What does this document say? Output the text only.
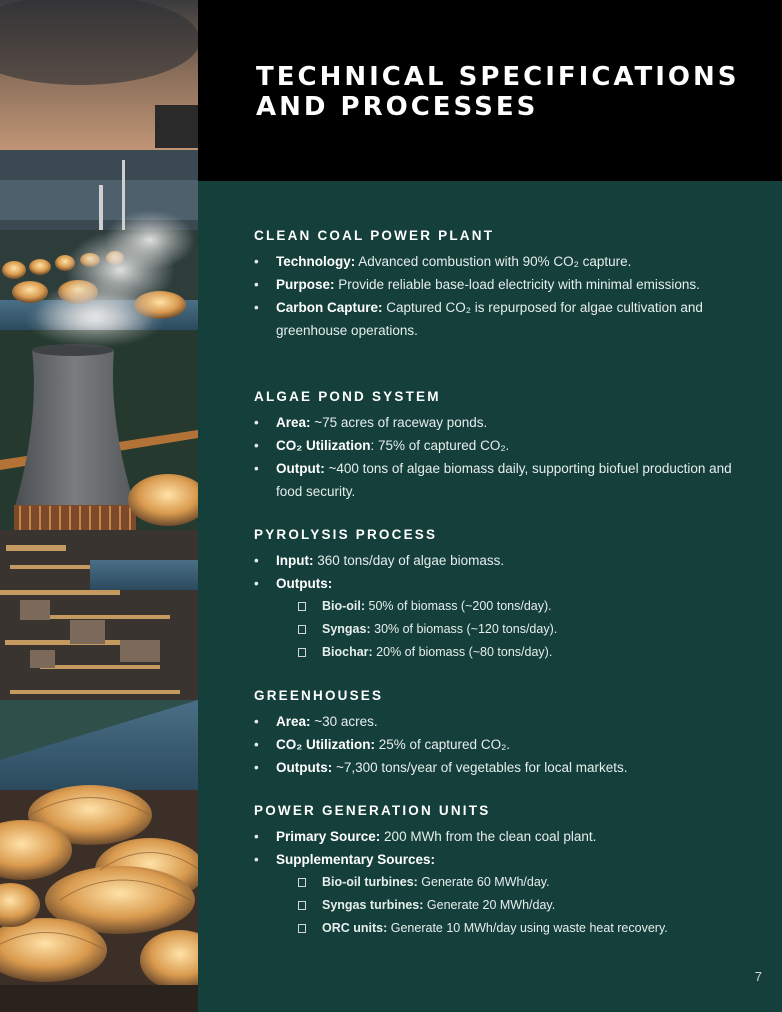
TECHNICAL SPECIFICATIONS AND PROCESSES
CLEAN COAL POWER PLANT
• Technology: Advanced combustion with 90% CO₂ capture.
• Purpose: Provide reliable base-load electricity with minimal emissions.
• Carbon Capture: Captured CO₂ is repurposed for algae cultivation and greenhouse operations.
ALGAE POND SYSTEM
• Area: ~75 acres of raceway ponds.
• CO₂ Utilization: 75% of captured CO₂.
• Output: ~400 tons of algae biomass daily, supporting biofuel production and food security.
PYROLYSIS PROCESS
• Input: 360 tons/day of algae biomass.
• Outputs:
Bio-oil: 50% of biomass (~200 tons/day).
Syngas: 30% of biomass (~120 tons/day).
Biochar: 20% of biomass (~80 tons/day).
GREENHOUSES
• Area: ~30 acres.
• CO₂ Utilization: 25% of captured CO₂.
• Outputs: ~7,300 tons/year of vegetables for local markets.
POWER GENERATION UNITS
• Primary Source: 200 MWh from the clean coal plant.
• Supplementary Sources:
Bio-oil turbines: Generate 60 MWh/day.
Syngas turbines: Generate 20 MWh/day.
ORC units: Generate 10 MWh/day using waste heat recovery.
7
